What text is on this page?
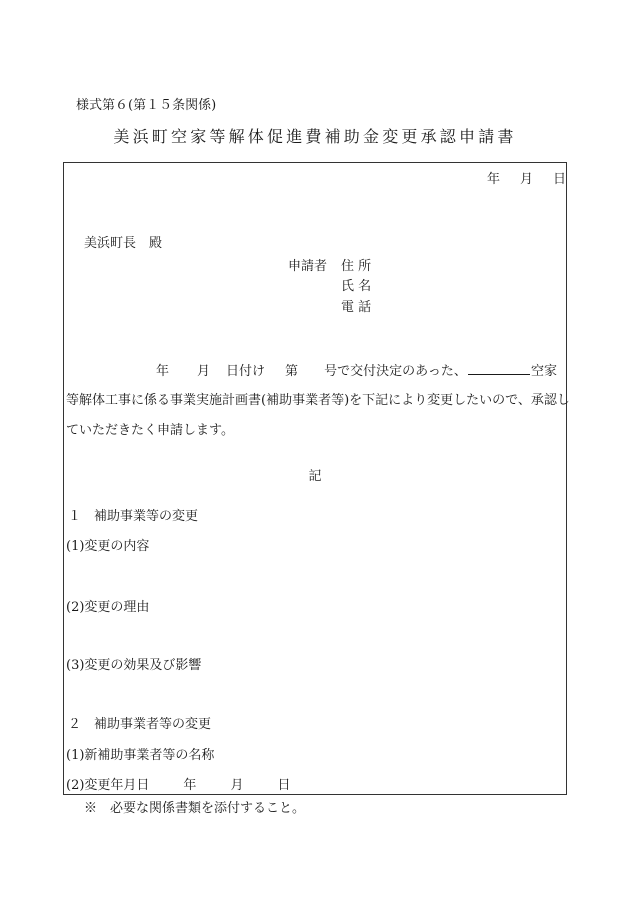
様式第６(第１５条関係)
美浜町空家等解体促進費補助金変更承認申請書
年 月 日
美浜町長　殿
申請者 住 所
氏 名
電 話
年 月 日付け 第 号で交付決定のあった、	空家
等解体工事に係る事業実施計画書(補助事業者等)を下記により変更したいので、承認し
ていただきたく申請します。
記
１　補助事業等の変更
(1)変更の内容
(2)変更の理由
(3)変更の効果及び影響
２　補助事業者等の変更
(1)新補助事業者等の名称
(2)変更年月日	年	月	日
※　必要な関係書類を添付すること。
